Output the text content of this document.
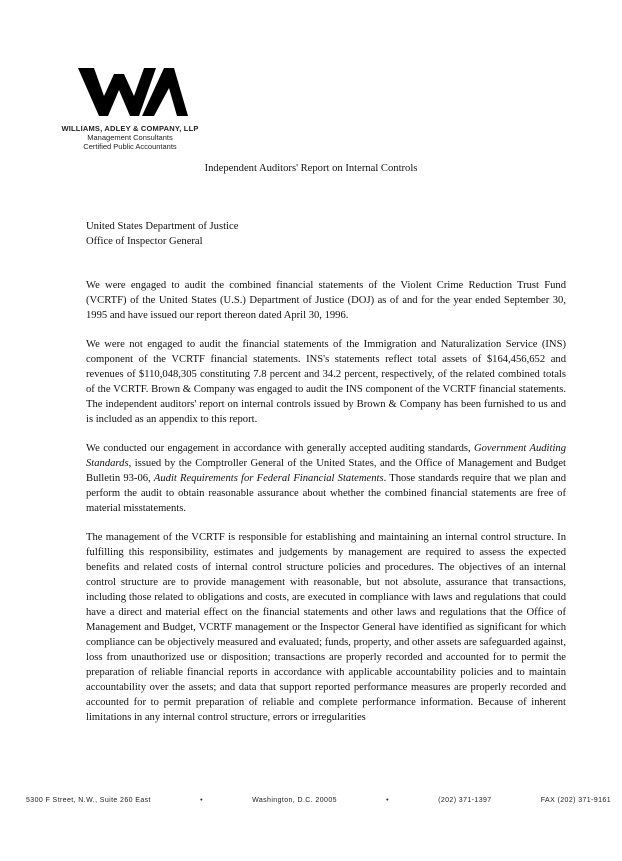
WILLIAMS, ADLEY & COMPANY, LLP
Management Consultants
Certified Public Accountants
Independent Auditors' Report on Internal Controls

United States Department of Justice

Office of Inspector General

We were engaged to audit the combined financial statements of the Violent Crime Reduction Trust Fund (VCRTF) of the United States (U.S.) Department of Justice (DOJ) as of and for the year ended September 30, 1995 and have issued our report thereon dated April 30, 1996.

We were not engaged to audit the financial statements of the Immigration and Naturalization Service (INS) component of the VCRTF financial statements. INS's statements reflect total assets of $164,456,652 and revenues of $110,048,305 constituting 7.8 percent and 34.2 percent, respectively, of the related combined totals of the VCRTF. Brown & Company was engaged to audit the INS component of the VCRTF financial statements. The independent auditors' report on internal controls issued by Brown & Company has been furnished to us and is included as an appendix to this report.

We conducted our engagement in accordance with generally accepted auditing standards, Government Auditing Standards, issued by the Comptroller General of the United States, and the Office of Management and Budget Bulletin 93-06, Audit Requirements for Federal Financial Statements. Those standards require that we plan and perform the audit to obtain reasonable assurance about whether the combined financial statements are free of material misstatements.

The management of the VCRTF is responsible for establishing and maintaining an internal control structure. In fulfilling this responsibility, estimates and judgements by management are required to assess the expected benefits and related costs of internal control structure policies and procedures. The objectives of an internal control structure are to provide management with reasonable, but not absolute, assurance that transactions, including those related to obligations and costs, are executed in compliance with laws and regulations that could have a direct and material effect on the financial statements and other laws and regulations that the Office of Management and Budget, VCRTF management or the Inspector General have identified as significant for which compliance can be objectively measured and evaluated; funds, property, and other assets are safeguarded against, loss from unauthorized use or disposition; transactions are properly recorded and accounted for to permit the preparation of reliable financial reports in accordance with applicable accountability policies and to maintain accountability over the assets; and data that support reported performance measures are properly recorded and accounted for to permit preparation of reliable and complete performance information. Because of inherent limitations in any internal control structure, errors or irregularities

5300 F Street, N.W., Suite 260 East	•	Washington, D.C. 20005	•	(202) 371-1397	FAX (202) 371-9161
